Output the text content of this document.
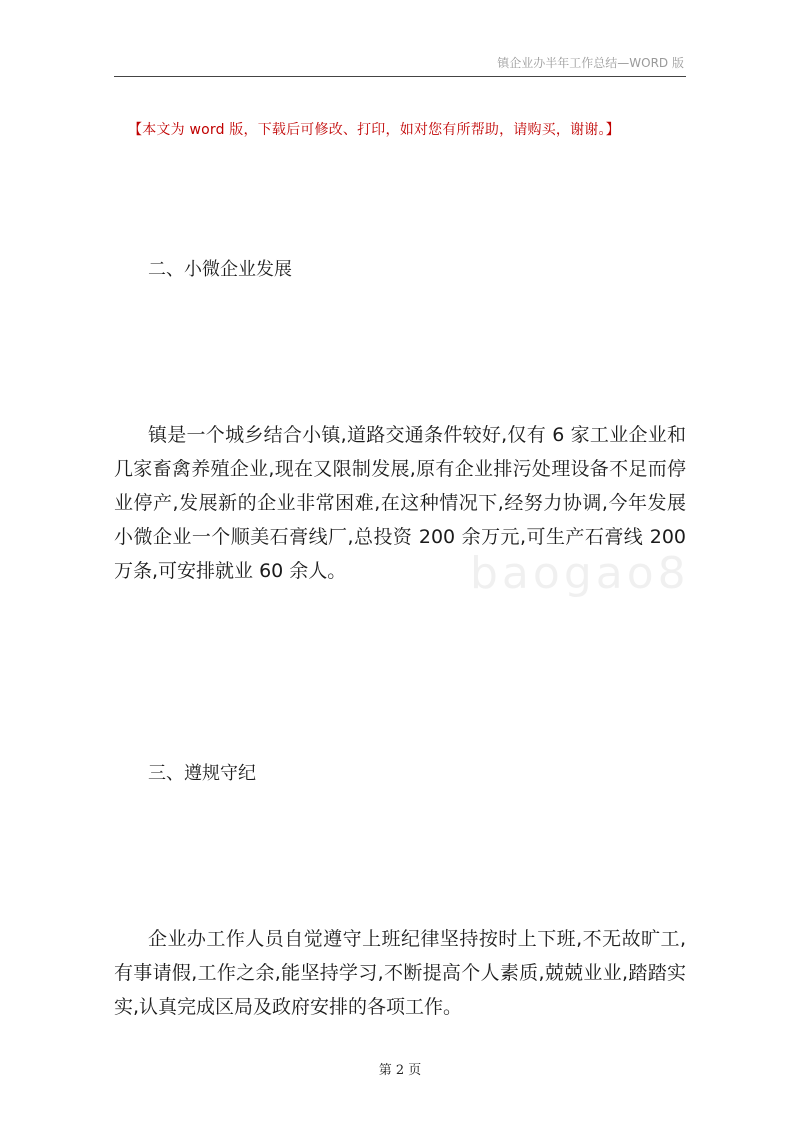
镇企业办半年工作总结—WORD 版
【本文为 word 版，下载后可修改、打印，如对您有所帮助，请购买，谢谢。】
二、小微企业发展
镇是一个城乡结合小镇,道路交通条件较好,仅有 6 家工业企业和几家畜禽养殖企业,现在又限制发展,原有企业排污处理设备不足而停业停产,发展新的企业非常困难,在这种情况下,经努力协调,今年发展小微企业一个顺美石膏线厂,总投资 200 余万元,可生产石膏线 200 万条,可安排就业 60 余人。	baogao8
三、遵规守纪
企业办工作人员自觉遵守上班纪律坚持按时上下班,不无故旷工,有事请假,工作之余,能坚持学习,不断提高个人素质,兢兢业业,踏踏实实,认真完成区局及政府安排的各项工作。
第 2 页
